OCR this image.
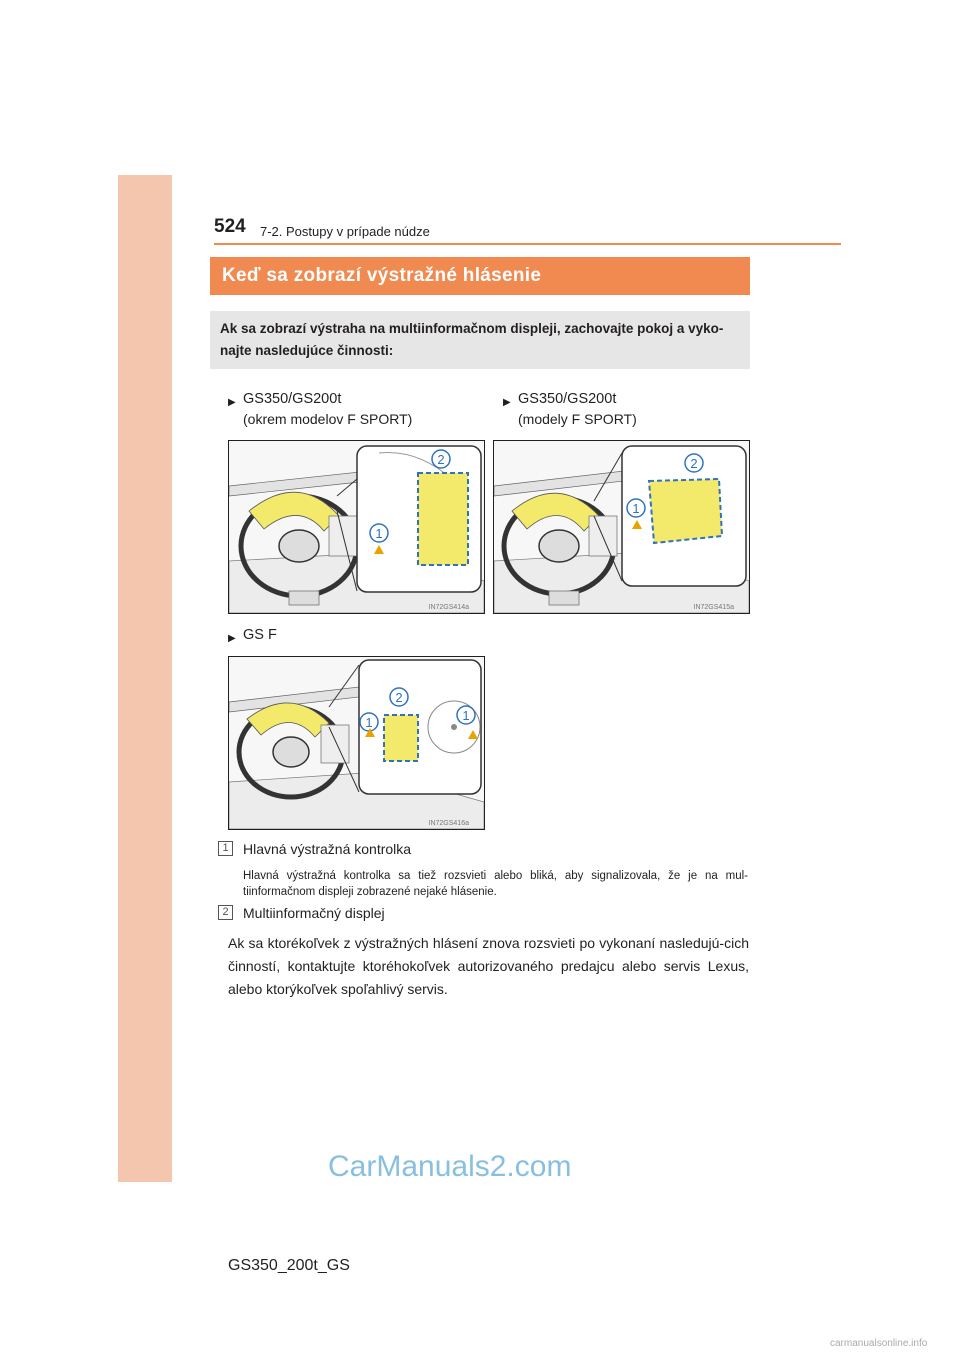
524 7-2. Postupy v prípade núdze
Keď sa zobrazí výstražné hlásenie
Ak sa zobrazí výstraha na multiinformačnom displeji, zachovajte pokoj a vyko-najte nasledujúce činnosti:
▶ GS350/GS200t
(okrem modelov F SPORT)
▶ GS350/GS200t
(modely F SPORT)
▶ GS F
2
1
IN72GS414a
2
1
IN72GS415a
2
1	1
IN72GS416a
1	Hlavná výstražná kontrolka
Hlavná výstražná kontrolka sa tiež rozsvieti alebo bliká, aby signalizovala, že je na mul-tiinformačnom displeji zobrazené nejaké hlásenie.
2	Multiinformačný displej
Ak sa ktorékoľvek z výstražných hlásení znova rozsvieti po vykonaní nasledujú-cich činností, kontaktujte ktoréhokoľvek autorizovaného predajcu alebo servis Lexus, alebo ktorýkoľvek spoľahlivý servis.
CarManuals2.com
GS350_200t_GS
carmanualsonline.info
